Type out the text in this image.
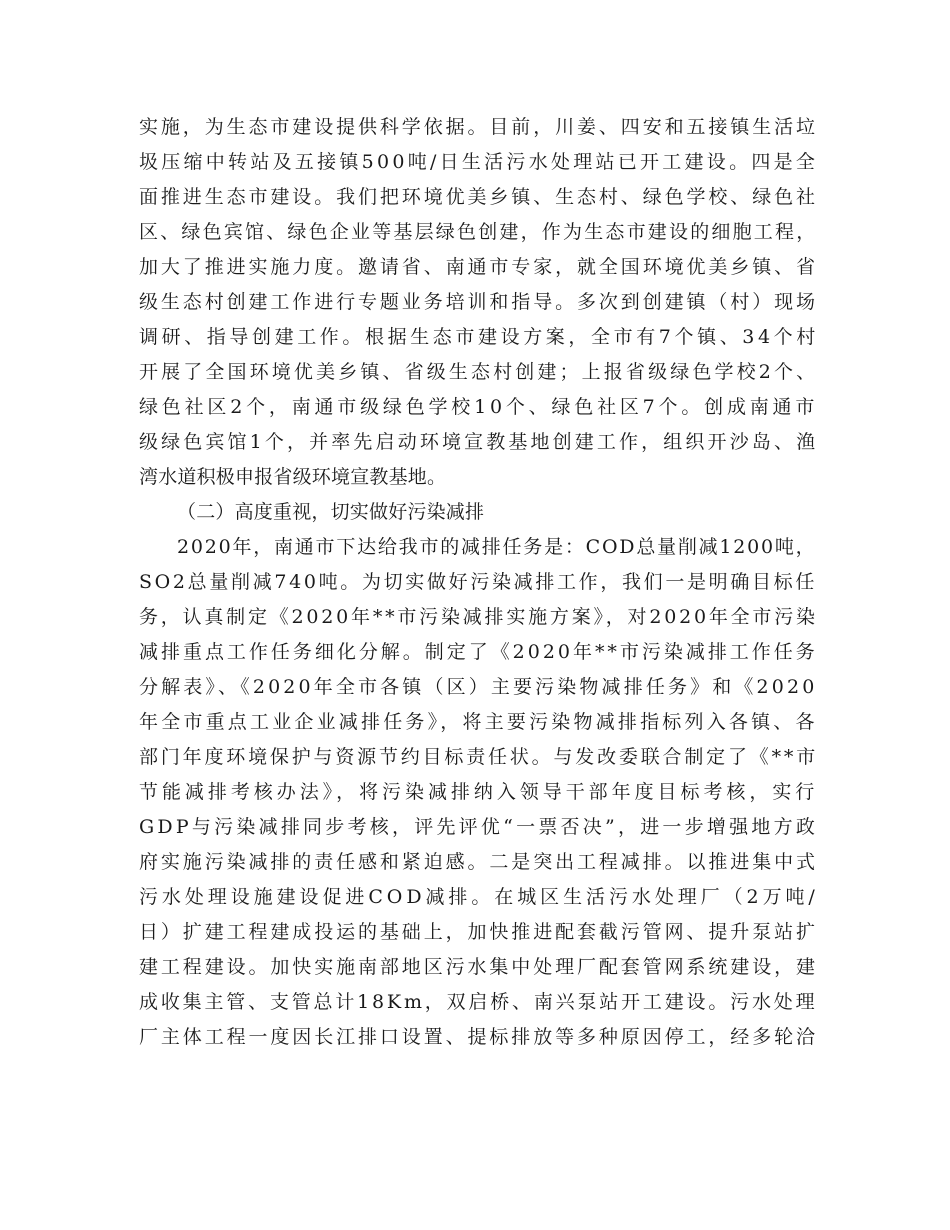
实施，为生态市建设提供科学依据。目前，川姜、四安和五接镇生活垃
圾压缩中转站及五接镇500吨/日生活污水处理站已开工建设。四是全
面推进生态市建设。我们把环境优美乡镇、生态村、绿色学校、绿色社
区、绿色宾馆、绿色企业等基层绿色创建，作为生态市建设的细胞工程，
加大了推进实施力度。邀请省、南通市专家，就全国环境优美乡镇、省
级生态村创建工作进行专题业务培训和指导。多次到创建镇（村）现场
调研、指导创建工作。根据生态市建设方案，全市有7个镇、34个村
开展了全国环境优美乡镇、省级生态村创建；上报省级绿色学校2个、
绿色社区2个，南通市级绿色学校10个、绿色社区7个。创成南通市
级绿色宾馆1个，并率先启动环境宣教基地创建工作，组织开沙岛、渔
湾水道积极申报省级环境宣教基地。
（二）高度重视，切实做好污染减排
2020年，南通市下达给我市的减排任务是：COD总量削减1200吨，
SO2总量削减740吨。为切实做好污染减排工作，我们一是明确目标任
务，认真制定《2020年**市污染减排实施方案》，对2020年全市污染
减排重点工作任务细化分解。制定了《2020年**市污染减排工作任务
分解表》、《2020年全市各镇（区）主要污染物减排任务》和《2020
年全市重点工业企业减排任务》，将主要污染物减排指标列入各镇、各
部门年度环境保护与资源节约目标责任状。与发改委联合制定了《**市
节能减排考核办法》，将污染减排纳入领导干部年度目标考核，实行
GDP与污染减排同步考核，评先评优“一票否决”，进一步增强地方政
府实施污染减排的责任感和紧迫感。二是突出工程减排。以推进集中式
污水处理设施建设促进COD减排。在城区生活污水处理厂（2万吨/
日）扩建工程建成投运的基础上，加快推进配套截污管网、提升泵站扩
建工程建设。加快实施南部地区污水集中处理厂配套管网系统建设，建
成收集主管、支管总计18Km，双启桥、南兴泵站开工建设。污水处理
厂主体工程一度因长江排口设置、提标排放等多种原因停工，经多轮洽
